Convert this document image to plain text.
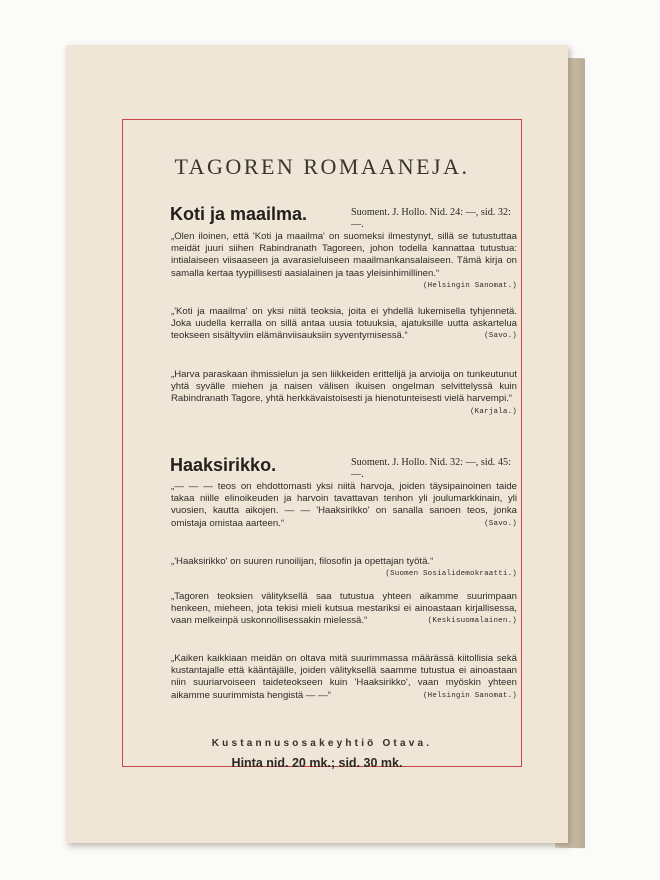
TAGOREN ROMAANEJA.
Koti ja maailma.	Suoment. J. Hollo. Nid. 24: —, sid. 32: —.
„Olen iloinen, että 'Koti ja maailma' on suomeksi ilmestynyt, sillä se tutustuttaa meidät juuri siihen Rabindranath Tagoreen, johon todella kannattaa tutustua: intialaiseen viisaaseen ja avarasieluiseen maailmankansalaiseen. Tämä kirja on samalla kertaa tyypillisesti aasialainen ja taas yleisinhimillinen.“
(Helsingin Sanomat.)
„'Koti ja maailma' on yksi niitä teoksia, joita ei yhdellä lukemisella tyhjennetä. Joka uudella kerralla on sillä antaa uusia totuuksia, ajatuksille uutta askartelua teokseen sisältyviin elämänviisauksiin syventymisessä.“	(Savo.)
„Harva paraskaan ihmissielun ja sen liikkeiden erittelijä ja arvioija on tunkeutunut yhtä syvälle miehen ja naisen välisen ikuisen ongelman selvittelyssä kuin Rabindranath Tagore, yhtä herkkävaistoisesti ja hienotunteisesti vielä harvempi.“
(Karjala.)
Haaksirikko.	Suoment. J. Hollo. Nid. 32: —, sid. 45: —.
„— — — teos on ehdottomasti yksi niitä harvoja, joiden täysipainoinen taide takaa niille elinoikeuden ja harvoin tavattavan tenhon yli joulumarkkinain, yli vuosien, kautta aikojen. — — 'Haaksirikko' on sanalla sanoen teos, jonka omistaja omistaa aarteen.“	(Savo.)
„'Haaksirikko' on suuren runoilijan, filosofin ja opettajan työtä.“
(Suomen Sosialidemokraatti.)
„Tagoren teoksien välityksellä saa tutustua yhteen aikamme suurimpaan henkeen, mieheen, jota tekisi mieli kutsua mestariksi ei ainoastaan kirjallisessa, vaan melkeinpä uskonnollisessakin mielessä.“	(Keskisuomalainen.)
„Kaiken kaikkiaan meidän on oltava mitä suurimmassa määrässä kiitollisia sekä kustantajalle että kääntäjälle, joiden välityksellä saamme tutustua ei ainoastaan niin suuriarvoiseen taideteokseen kuin 'Haaksirikko', vaan myöskin yhteen aikamme suurimmista hengistä — —“	(Helsingin Sanomat.)
Kustannusosakeyhtiö Otava.
Hinta nid. 20 mk.; sid. 30 mk.
